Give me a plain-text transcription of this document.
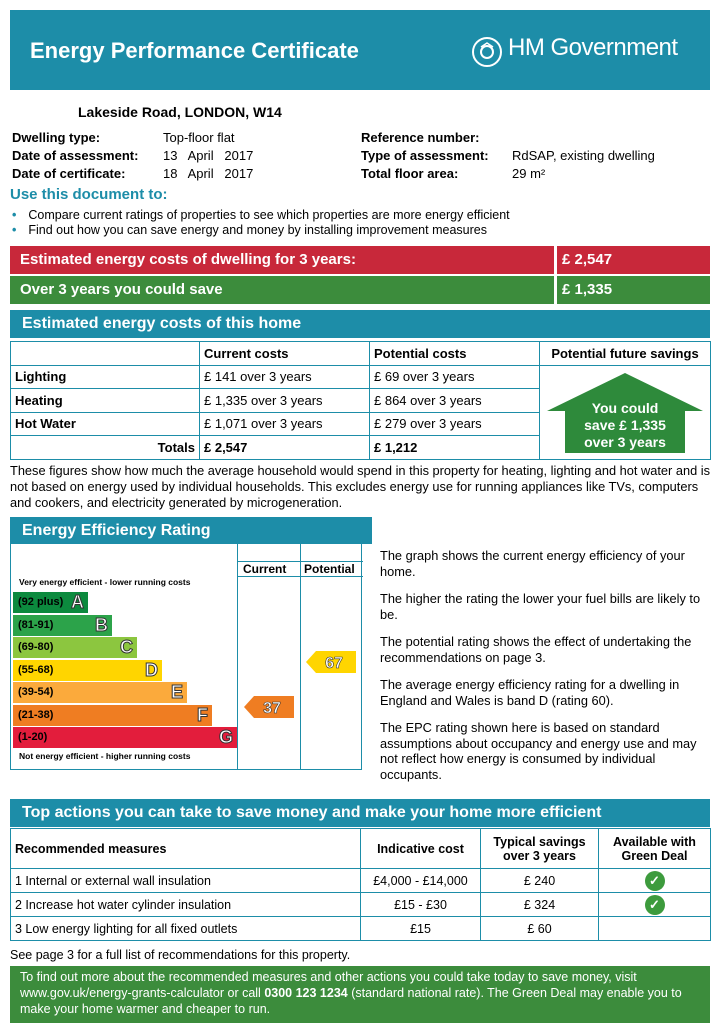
Energy Performance Certificate	HM Government
Lakeside Road, LONDON, W14
Dwelling type:	Top-floor flat
Date of assessment: 13   April   2017
Date of certificate:	18   April   2017
Reference number:
Type of assessment: RdSAP, existing dwelling
Total floor area:	29 m²
Use this document to:
• Compare current ratings of properties to see which properties are more energy efficient
• Find out how you can save energy and money by installing improvement measures
Estimated energy costs of dwelling for 3 years:	£ 2,547
Over 3 years you could save	£ 1,335
Estimated energy costs of this home
	Current costs	Potential costs	Potential future savings
Lighting	£ 141 over 3 years	£ 69 over 3 years	You could
save £ 1,335
over 3 years

Heating	£ 1,335 over 3 years	£ 864 over 3 years	
Hot Water	£ 1,071 over 3 years	£ 279 over 3 years	
Totals	£ 2,547	£ 1,212	
These figures show how much the average household would spend in this property for heating, lighting and hot water and is not based on energy used by individual households. This excludes energy use for running appliances like TVs, computers and cookers, and electricity generated by microgeneration.
Energy Efficiency Rating
Current Potential
Very energy efficient - lower running costs
(92 plus) A
(81-91) B
(69-80)	C
(55-68)	D
(39-54)	E
(21-38)	F
(1-20)	G
Not energy efficient - higher running costs
37
67

The graph shows the current energy efficiency of your home.

The higher the rating the lower your fuel bills are likely to be.

The potential rating shows the effect of undertaking the recommendations on page 3.

The average energy efficiency rating for a dwelling in England and Wales is band D (rating 60).

The EPC rating shown here is based on standard assumptions about occupancy and energy use and may not reflect how energy is consumed by individual occupants.

Top actions you can take to save money and make your home more efficient
Recommended measures	Indicative cost	Typical savings over 3 years	Available with Green Deal
1 Internal or external wall insulation	£4,000 - £14,000	£ 240	✓
2 Increase hot water cylinder insulation	£15 - £30	£ 324	✓
3 Low energy lighting for all fixed outlets	£15	£ 60	
See page 3 for a full list of recommendations for this property.
To find out more about the recommended measures and other actions you could take today to save money, visit www.gov.uk/energy-grants-calculator or call 0300 123 1234 (standard national rate). The Green Deal may enable you to make your home warmer and cheaper to run.
